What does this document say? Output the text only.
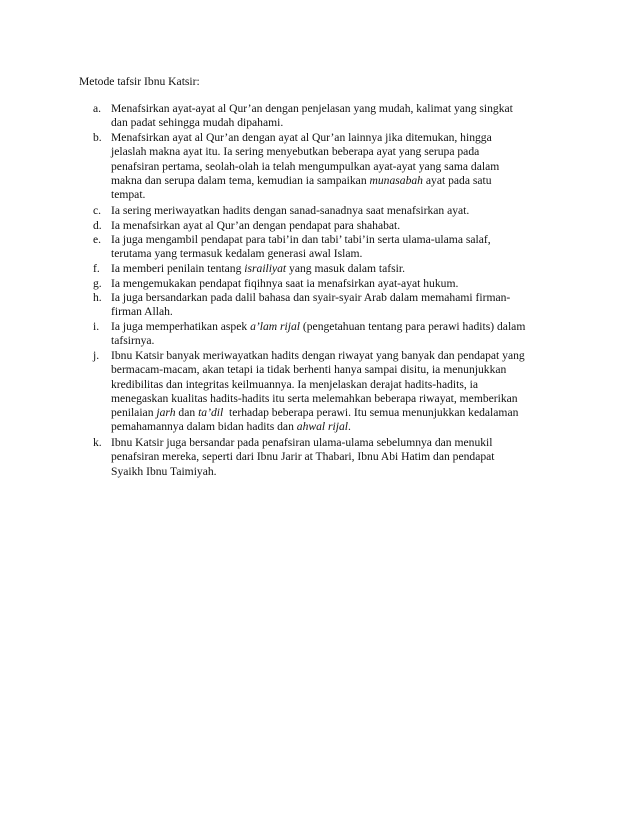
Metode tafsir Ibnu Katsir:
a. Menafsirkan ayat-ayat al Qur’an dengan penjelasan yang mudah, kalimat yang singkat
dan padat sehingga mudah dipahami.
b. Menafsirkan ayat al Qur’an dengan ayat al Qur’an lainnya jika ditemukan, hingga
jelaslah makna ayat itu. Ia sering menyebutkan beberapa ayat yang serupa pada
penafsiran pertama, seolah-olah ia telah mengumpulkan ayat-ayat yang sama dalam
makna dan serupa dalam tema, kemudian ia sampaikan munasabah ayat pada satu
tempat.
c. Ia sering meriwayatkan hadits dengan sanad-sanadnya saat menafsirkan ayat.
d. Ia menafsirkan ayat al Qur’an dengan pendapat para shahabat.
e. Ia juga mengambil pendapat para tabi’in dan tabi’ tabi’in serta ulama-ulama salaf,
terutama yang termasuk kedalam generasi awal Islam.
f. Ia memberi penilain tentang israiliyat yang masuk dalam tafsir.
g. Ia mengemukakan pendapat fiqihnya saat ia menafsirkan ayat-ayat hukum.
h. Ia juga bersandarkan pada dalil bahasa dan syair-syair Arab dalam memahami firman-
firman Allah.
i. Ia juga memperhatikan aspek a’lam rijal (pengetahuan tentang para perawi hadits) dalam
tafsirnya.
j. Ibnu Katsir banyak meriwayatkan hadits dengan riwayat yang banyak dan pendapat yang
bermacam-macam, akan tetapi ia tidak berhenti hanya sampai disitu, ia menunjukkan
kredibilitas dan integritas keilmuannya. Ia menjelaskan derajat hadits-hadits, ia
menegaskan kualitas hadits-hadits itu serta melemahkan beberapa riwayat, memberikan
penilaian jarh dan ta’dil  terhadap beberapa perawi. Itu semua menunjukkan kedalaman
pemahamannya dalam bidan hadits dan ahwal rijal.
k. Ibnu Katsir juga bersandar pada penafsiran ulama-ulama sebelumnya dan menukil
penafsiran mereka, seperti dari Ibnu Jarir at Thabari, Ibnu Abi Hatim dan pendapat
Syaikh Ibnu Taimiyah.
